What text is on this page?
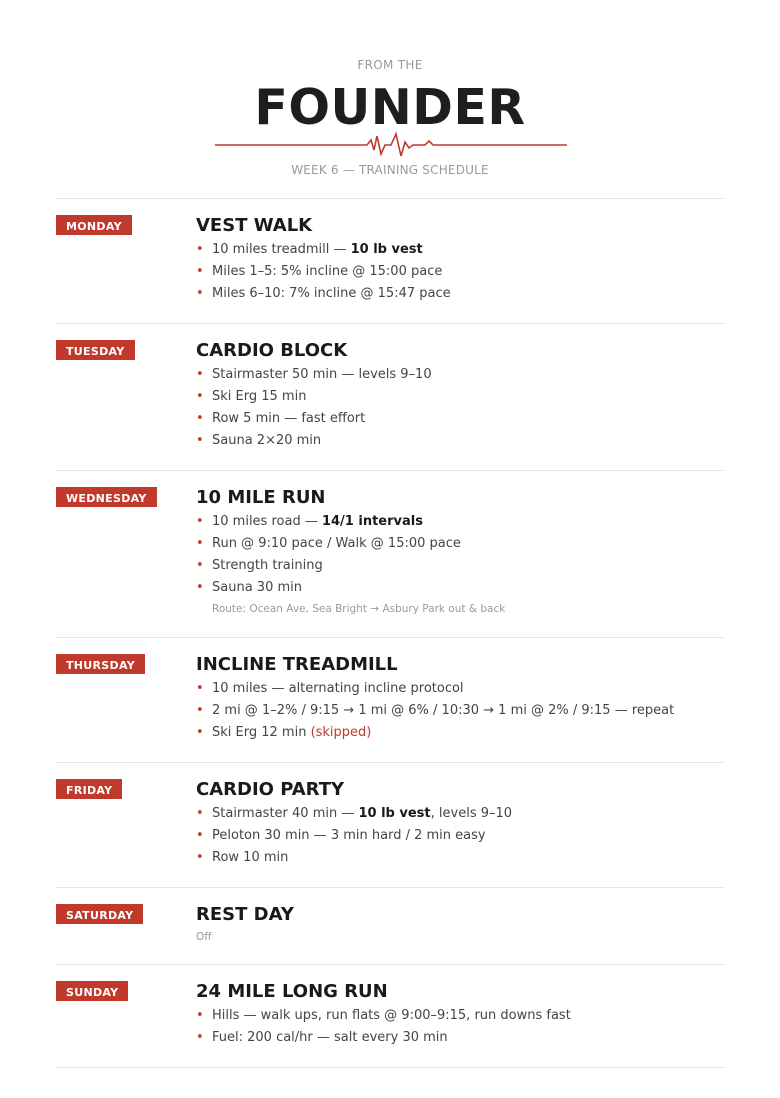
FROM THE
FOUNDER
WEEK 6 — TRAINING SCHEDULE
MONDAY	VEST WALK
• 10 miles treadmill — 10 lb vest
• Miles 1–5: 5% incline @ 15:00 pace
• Miles 6–10: 7% incline @ 15:47 pace
TUESDAY	CARDIO BLOCK
• Stairmaster 50 min — levels 9–10
• Ski Erg 15 min
• Row 5 min — fast effort
• Sauna 2×20 min
WEDNESDAY	10 MILE RUN
• 10 miles road — 14/1 intervals
• Run @ 9:10 pace / Walk @ 15:00 pace
• Strength training
• Sauna 30 min
Route: Ocean Ave, Sea Bright → Asbury Park out & back
THURSDAY	INCLINE TREADMILL
• 10 miles — alternating incline protocol
• 2 mi @ 1–2% / 9:15 → 1 mi @ 6% / 10:30 → 1 mi @ 2% / 9:15 — repeat
• Ski Erg 12 min (skipped)
FRIDAY	CARDIO PARTY
• Stairmaster 40 min — 10 lb vest, levels 9–10
• Peloton 30 min — 3 min hard / 2 min easy
• Row 10 min
SATURDAY	REST DAY
Off
SUNDAY	24 MILE LONG RUN
• Hills — walk ups, run flats @ 9:00–9:15, run downs fast
• Fuel: 200 cal/hr — salt every 30 min
